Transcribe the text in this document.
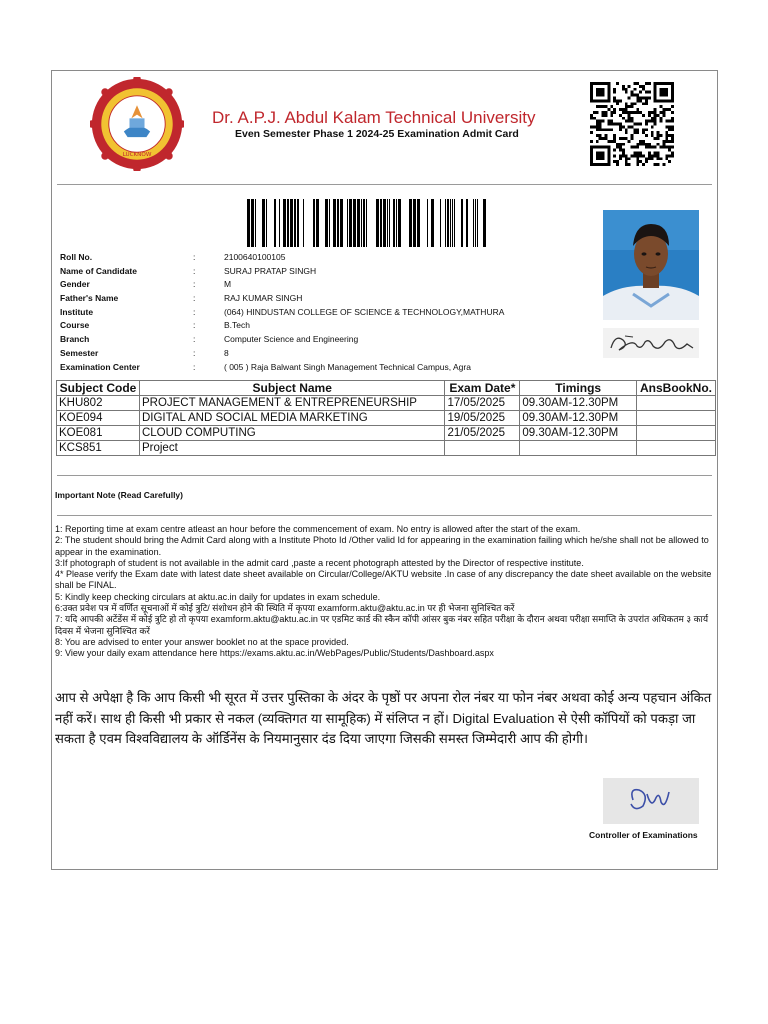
LUCKNOW
Dr. A.P.J. Abdul Kalam Technical University
Even Semester Phase 1 2024-25 Examination Admit Card
Roll No.	:	2100640100105
Name of Candidate	:	SURAJ PRATAP SINGH
Gender	:	M
Father's Name	:	RAJ KUMAR SINGH
Institute	:	(064) HINDUSTAN COLLEGE OF SCIENCE & TECHNOLOGY,MATHURA
Course	:	B.Tech
Branch	:	Computer Science and Engineering
Semester	:	8
Examination Center	:	( 005 ) Raja Balwant Singh Management Technical Campus, Agra
Subject Code	Subject Name	Exam Date*	Timings	AnsBookNo.
KHU802	PROJECT MANAGEMENT & ENTREPRENEURSHIP	17/05/2025	09.30AM-12.30PM	
KOE094	DIGITAL AND SOCIAL MEDIA MARKETING	19/05/2025	09.30AM-12.30PM	
KOE081	CLOUD COMPUTING	21/05/2025	09.30AM-12.30PM	
KCS851	Project			
Important Note (Read Carefully)

1: Reporting time at exam centre atleast an hour before the commencement of exam. No entry is allowed after the start of the exam.

2: The student should bring the Admit Card along with a Institute Photo Id /Other valid Id for appearing in the examination failing which he/she shall not be allowed to appear in the examination.

3:If photograph of student is not available in the admit card ,paste a recent photograph attested by the Director of respective institute.

4* Please verify the Exam date with latest date sheet available on Circular/College/AKTU website .In case of any discrepancy the date sheet available on the website shall be FINAL.

5: Kindly keep checking circulars at aktu.ac.in daily for updates in exam schedule.

6:उक्त प्रवेश पत्र में वर्णित सूचनाओं में कोई त्रुटि/ संशोधन होने की स्थिति में कृपया examform.aktu@aktu.ac.in पर ही भेजना सुनिश्चित करें

7: यदि आपकी अटेंडेंस में कोई त्रुटि हो तो कृपया examform.aktu@aktu.ac.in पर एडमिट कार्ड की स्कैन कॉपी आंसर बुक नंबर सहित परीक्षा के दौरान अथवा परीक्षा समाप्ति के उपरांत अधिकतम ३ कार्य दिवस में भेजना सुनिश्चित करें

8: You are advised to enter your answer booklet no at the space provided.

9: View your daily exam attendance here https://exams.aktu.ac.in/WebPages/Public/Students/Dashboard.aspx

आप से अपेक्षा है कि आप किसी भी सूरत में उत्तर पुस्तिका के अंदर के पृष्ठों पर अपना रोल नंबर या फोन नंबर अथवा कोई अन्य पहचान अंकित नहीं करें। साथ ही किसी भी प्रकार से नकल (व्यक्तिगत या सामूहिक) में संलिप्त न हों। Digital Evaluation से ऐसी कॉपियों को पकड़ा जा सकता है एवम विश्वविद्यालय के ऑर्डिनेंस के नियमानुसार दंड दिया जाएगा जिसकी समस्त जिम्मेदारी आप की होगी।
Controller of Examinations
